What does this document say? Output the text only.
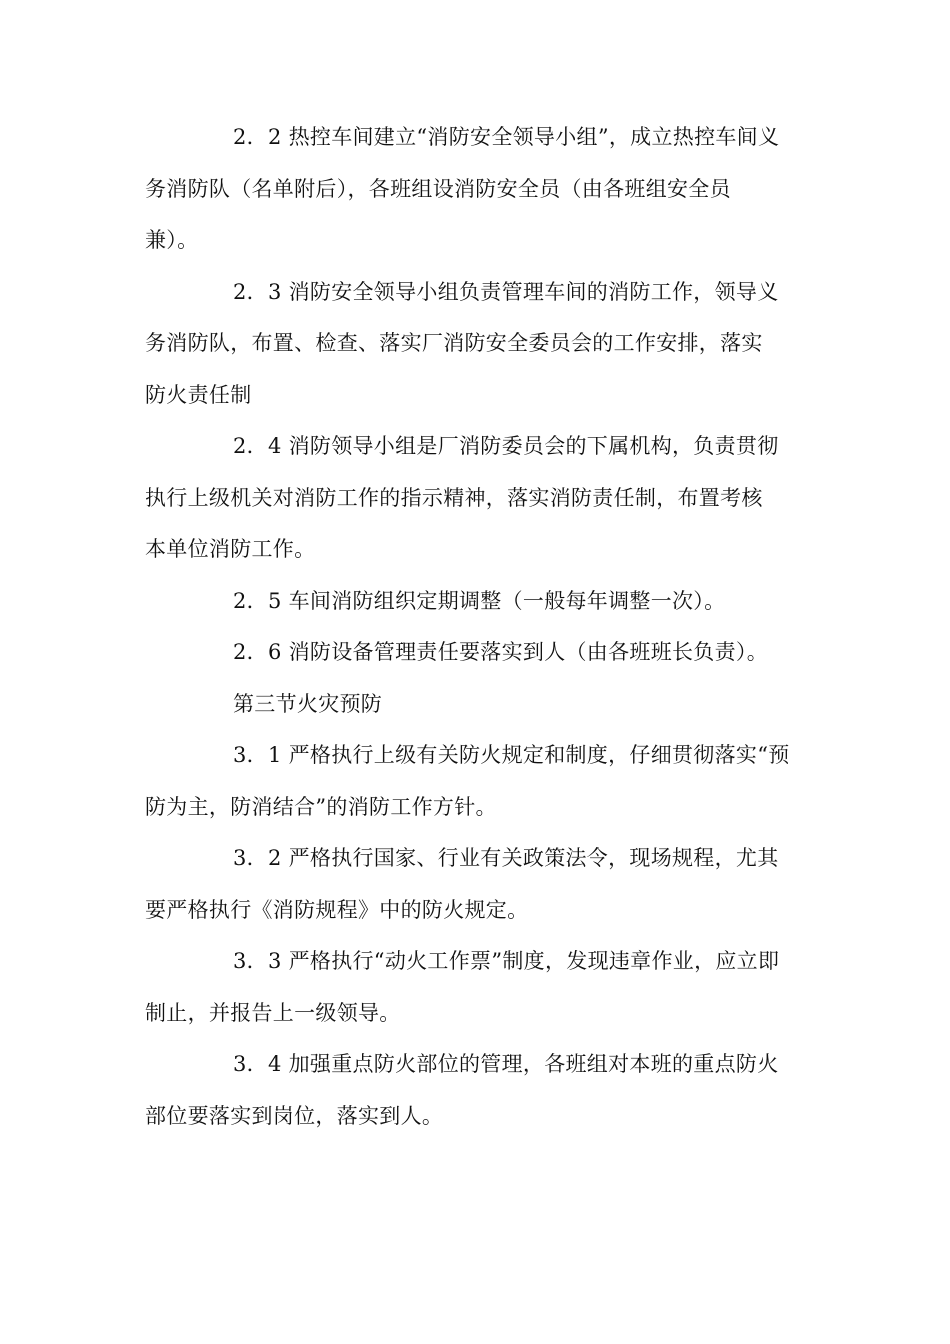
2．2 热控车间建立“消防安全领导小组”，成立热控车间义
务消防队（名单附后），各班组设消防安全员（由各班组安全员
兼）。
2．3 消防安全领导小组负责管理车间的消防工作，领导义
务消防队，布置、检查、落实厂消防安全委员会的工作安排，落实
防火责任制
2．4 消防领导小组是厂消防委员会的下属机构，负责贯彻
执行上级机关对消防工作的指示精神，落实消防责任制，布置考核
本单位消防工作。
2．5 车间消防组织定期调整（一般每年调整一次）。
2．6 消防设备管理责任要落实到人（由各班班长负责）。
第三节火灾预防
3．1 严格执行上级有关防火规定和制度，仔细贯彻落实“预
防为主，防消结合”的消防工作方针。
3．2 严格执行国家、行业有关政策法令，现场规程，尤其
要严格执行《消防规程》中的防火规定。
3．3 严格执行“动火工作票”制度，发现违章作业，应立即
制止，并报告上一级领导。
3．4 加强重点防火部位的管理，各班组对本班的重点防火
部位要落实到岗位，落实到人。
